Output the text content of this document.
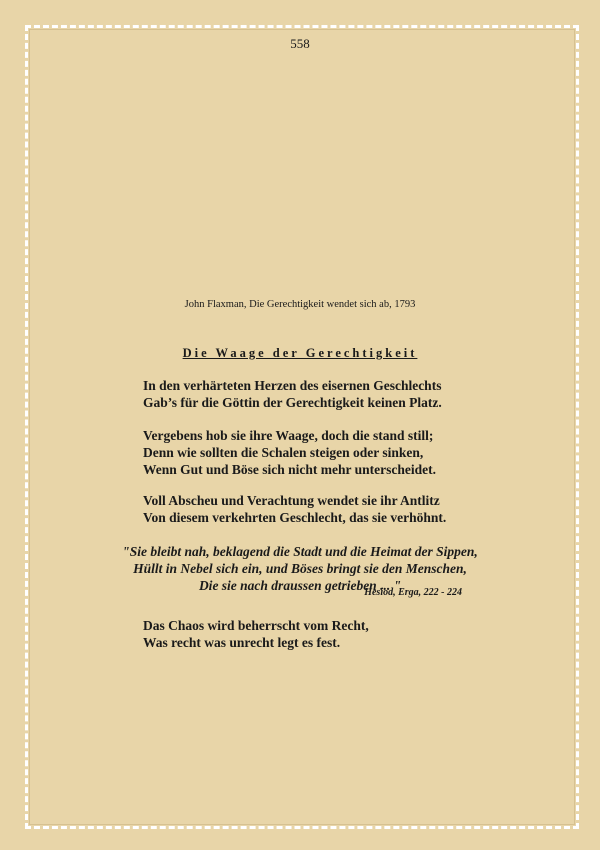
558
John Flaxman, Die Gerechtigkeit wendet sich ab, 1793
Die Waage der Gerechtigkeit
In den verhärteten Herzen des eisernen Geschlechts
Gab’s für die Göttin der Gerechtigkeit keinen Platz.
Vergebens hob sie ihre Waage, doch die stand still;
Denn wie sollten die Schalen steigen oder sinken,
Wenn Gut und Böse sich nicht mehr unterscheidet.
Voll Abscheu und Verachtung wendet sie ihr Antlitz
Von diesem verkehrten Geschlecht, das sie verhöhnt.
"Sie bleibt nah, beklagend die Stadt und die Heimat der Sippen,
Hüllt in Nebel sich ein, und Böses bringt sie den Menschen,
Die sie nach draussen getrieben ... "
Hesiod, Erga, 222 - 224
Das Chaos wird beherrscht vom Recht,
Was recht was unrecht legt es fest.
